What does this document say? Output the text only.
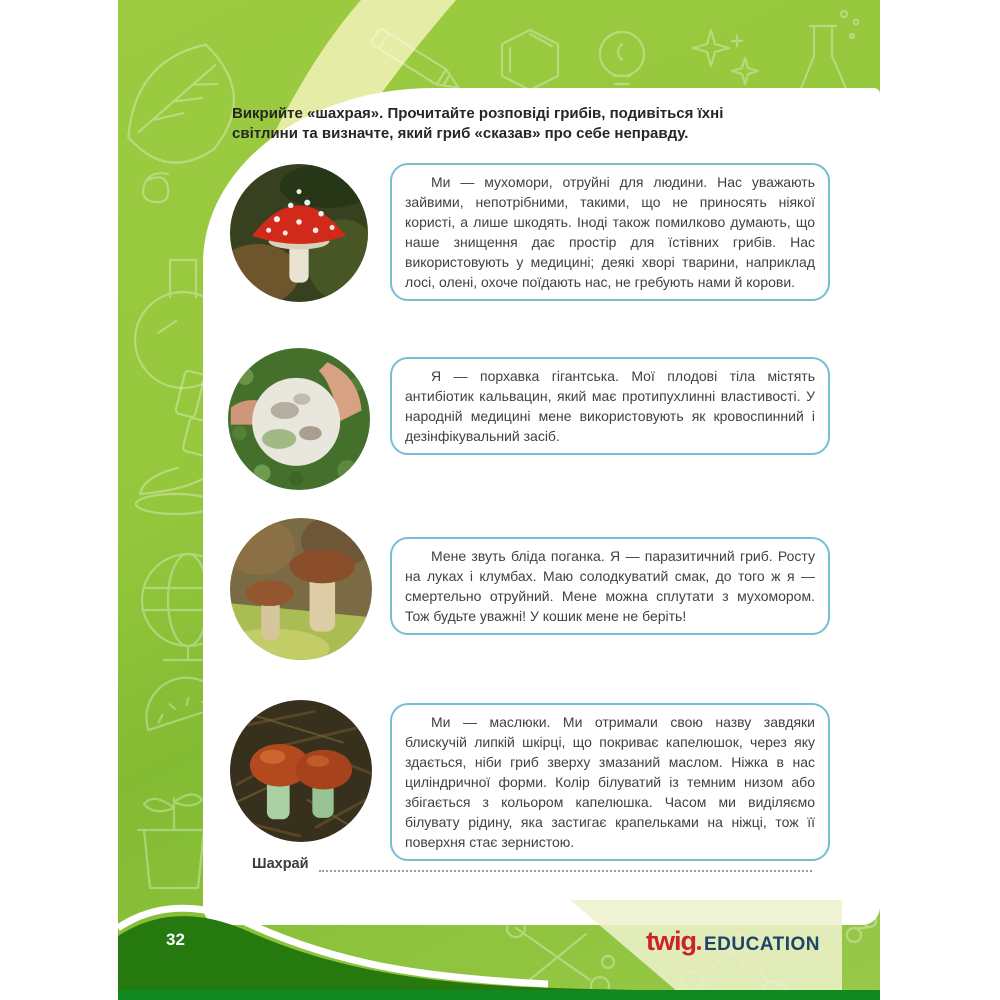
Викрийте «шахрая». Прочитайте розповіді грибів, подивіться їхні світлини та визначте, який гриб «сказав» про себе неправду.

Ми — мухомори, отруйні для людини. Нас уважають зайвими, непотрібними, такими, що не приносять ніякої користі, а лише шкодять. Іноді також помилково думають, що наше знищення дає простір для їстівних грибів. Нас використовують у медицині; деякі хворі тварини, наприклад лосі, олені, охоче поїдають нас, не гребують нами й корови.

Я — порхавка гігантська. Мої плодові тіла містять антибіотик кальвацин, який має протипухлинні властивості. У народній медицині мене використовують як кровоспинний і дезінфікувальний засіб.

Мене звуть бліда поганка. Я — паразитичний гриб. Росту на луках і клумбах. Маю солодкуватий смак, до того ж я — смертельно отруйний. Мене можна сплутати з мухомором. Тож будьте уважні! У кошик мене не беріть!

Ми — маслюки. Ми отримали свою назву завдяки блискучій липкій шкірці, що покриває капелюшок, через яку здається, ніби гриб зверху змазаний маслом. Ніжка в нас циліндричної форми. Колір білуватий із темним низом або збігається з кольором капелюшка. Часом ми виділяємо білувату рідину, яка застигає крапельками на ніжці, тож її поверхня стає зернистою.

Шахрай
32	twig EDUCATION
